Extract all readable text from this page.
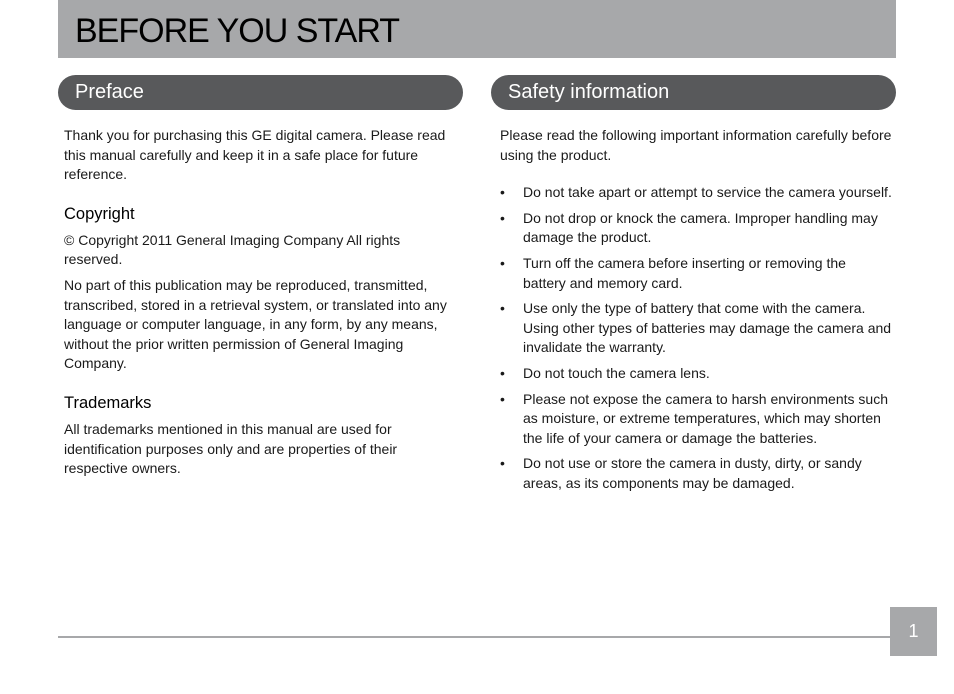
BEFORE YOU START
Preface	Safety information

Thank you for purchasing this GE digital camera. Please read this manual carefully and keep it in a safe place for future reference.

Copyright

© Copyright 2011 General Imaging Company All rights reserved.

No part of this publication may be reproduced, transmitted, transcribed, stored in a retrieval system, or translated into any language or computer language, in any form, by any means, without the prior written permission of General Imaging Company.

Trademarks

All trademarks mentioned in this manual are used for identification purposes only and are properties of their respective owners.

Please read the following important information carefully before using the product.

• Do not take apart or attempt to service the camera yourself.
• Do not drop or knock the camera. Improper handling may damage the product.
• Turn off the camera before inserting or removing the battery and memory card.
• Use only the type of battery that come with the camera. Using other types of batteries may damage the camera and invalidate the warranty.
• Do not touch the camera lens.
• Please not expose the camera to harsh environments such as moisture, or extreme temperatures, which may shorten the life of your camera or damage the batteries.
• Do not use or store the camera in dusty, dirty, or sandy areas, as its components may be damaged.
1
